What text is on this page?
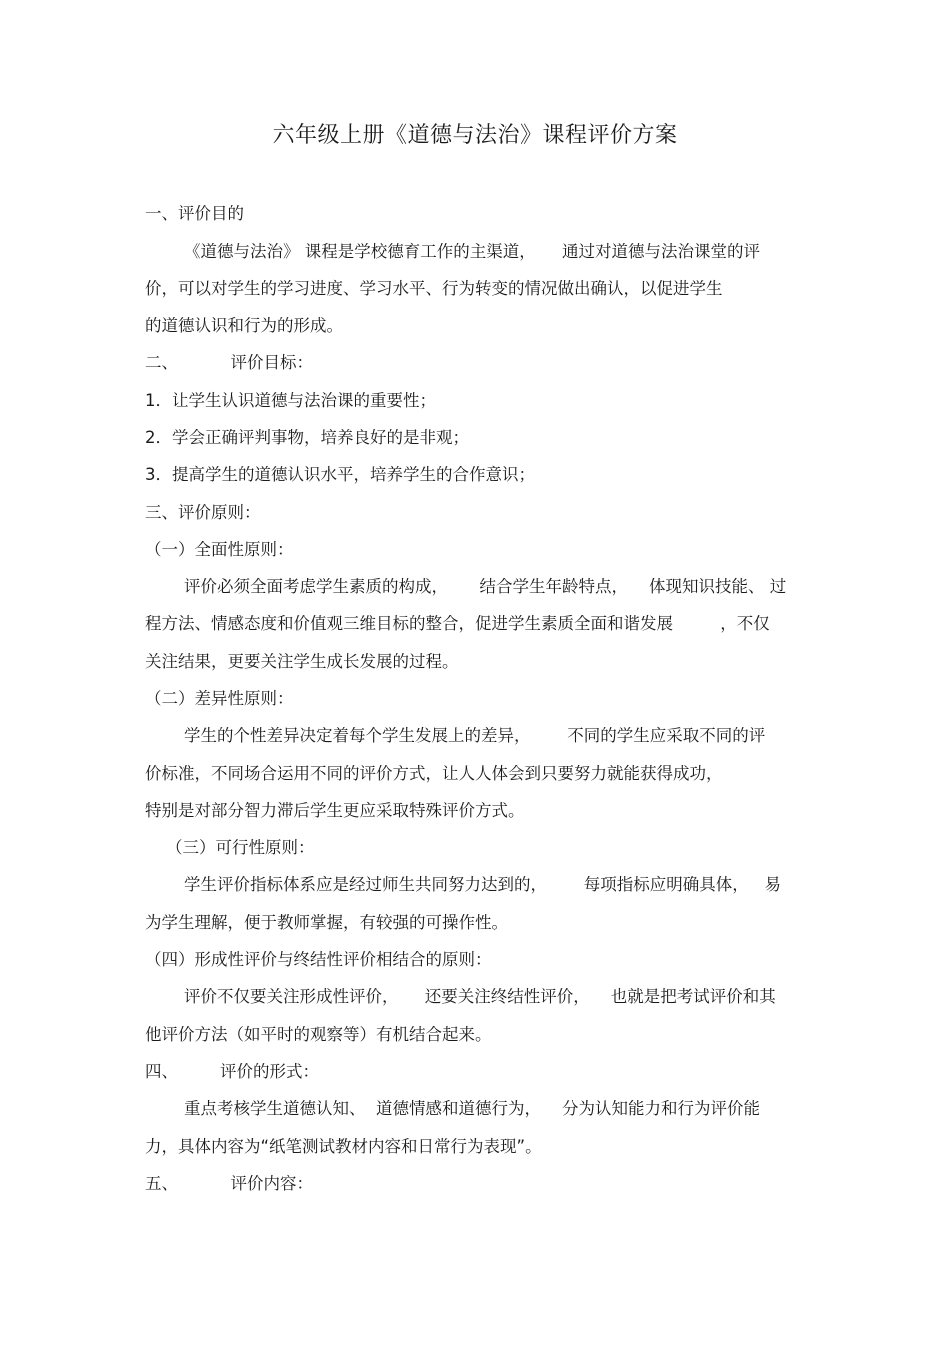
六年级上册《道德与法治》课程评价方案
一、评价目的
《道德与法治》 课程是学校德育工作的主渠道，     通过对道德与法治课堂的评
价，可以对学生的学习进度、学习水平、行为转变的情况做出确认，以促进学生
的道德认识和行为的形成。
二、          评价目标：
1．让学生认识道德与法治课的重要性；
2．学会正确评判事物，培养良好的是非观；
3．提高学生的道德认识水平，培养学生的合作意识；
三、评价原则：
（一）全面性原则：
评价必须全面考虑学生素质的构成，      结合学生年龄特点，    体现知识技能、 过
程方法、情感态度和价值观三维目标的整合，促进学生素质全面和谐发展         ，不仅
关注结果，更要关注学生成长发展的过程。
（二）差异性原则：
学生的个性差异决定着每个学生发展上的差异，       不同的学生应采取不同的评
价标准，不同场合运用不同的评价方式，让人人体会到只要努力就能获得成功，
特别是对部分智力滞后学生更应采取特殊评价方式。
（三）可行性原则：
学生评价指标体系应是经过师生共同努力达到的，       每项指标应明确具体，   易
为学生理解，便于教师掌握，有较强的可操作性。
（四）形成性评价与终结性评价相结合的原则：
评价不仅要关注形成性评价，     还要关注终结性评价，    也就是把考试评价和其
他评价方法（如平时的观察等）有机结合起来。
四、        评价的形式：
重点考核学生道德认知、  道德情感和道德行为，    分为认知能力和行为评价能
力，具体内容为“纸笔测试教材内容和日常行为表现”。
五、          评价内容：
